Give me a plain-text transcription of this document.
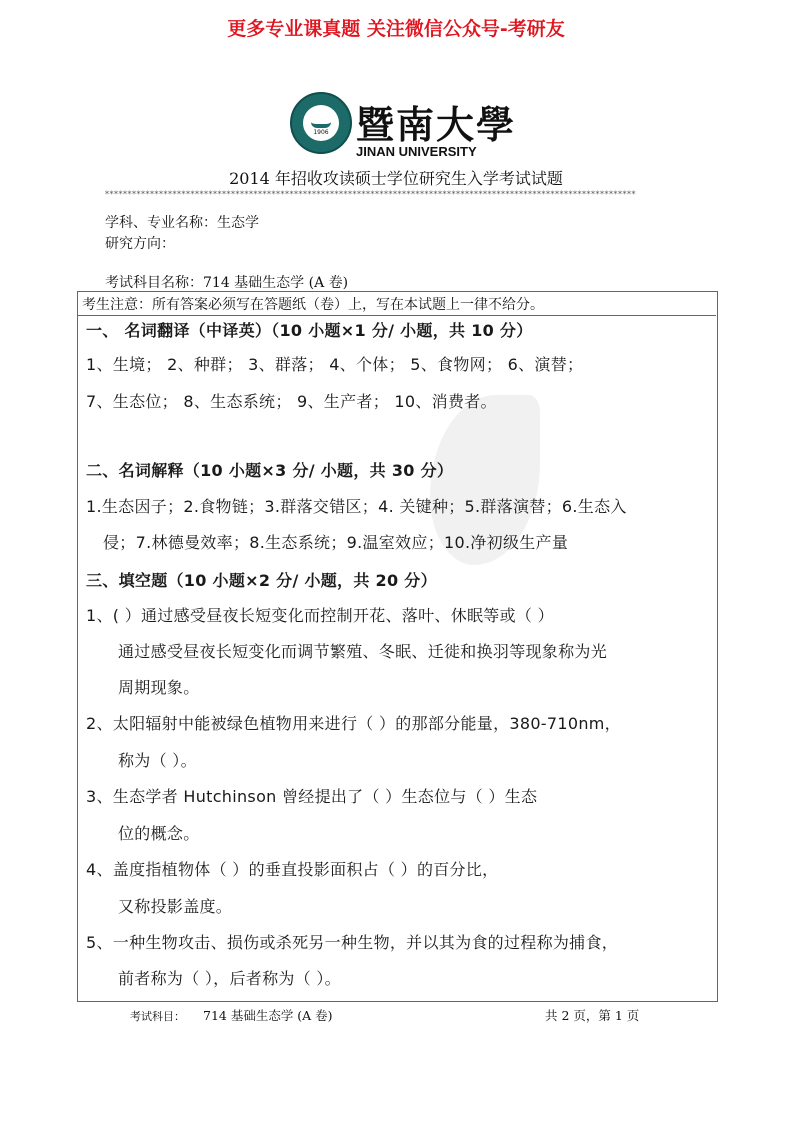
更多专业课真题 关注微信公众号-考研友
1906 暨南大學
JINAN UNIVERSITY
2014 年招收攻读硕士学位研究生入学考试试题
**********************************************************************************************************************
学科、专业名称：生态学
研究方向：
考试科目名称：714 基础生态学 (A 卷)
考生注意：所有答案必须写在答题纸（卷）上，写在本试题上一律不给分。
一、 名词翻译（中译英）（10 小题×1 分/ 小题，共 10 分）
1、生境； 2、种群； 3、群落； 4、个体； 5、食物网； 6、演替；
7、生态位； 8、生态系统； 9、生产者； 10、消费者。
二、名词解释（10 小题×3 分/ 小题，共 30 分）
1.生态因子；2.食物链；3.群落交错区；4. 关键种；5.群落演替；6.生态入
侵；7.林德曼效率；8.生态系统；9.温室效应；10.净初级生产量
三、填空题（10 小题×2 分/ 小题，共 20 分）
1、( ）通过感受昼夜长短变化而控制开花、落叶、休眠等或（ ）
通过感受昼夜长短变化而调节繁殖、冬眠、迁徙和换羽等现象称为光
周期现象。
2、太阳辐射中能被绿色植物用来进行（ ）的那部分能量，380-710nm，
称为（ ）。
3、生态学者 Hutchinson 曾经提出了（ ）生态位与（ ）生态
位的概念。
4、盖度指植物体（ ）的垂直投影面积占（ ）的百分比，
又称投影盖度。
5、一种生物攻击、损伤或杀死另一种生物，并以其为食的过程称为捕食，
前者称为（ ），后者称为（ ）。
考试科目： 714 基础生态学 (A 卷)	共 2 页，第 1 页
